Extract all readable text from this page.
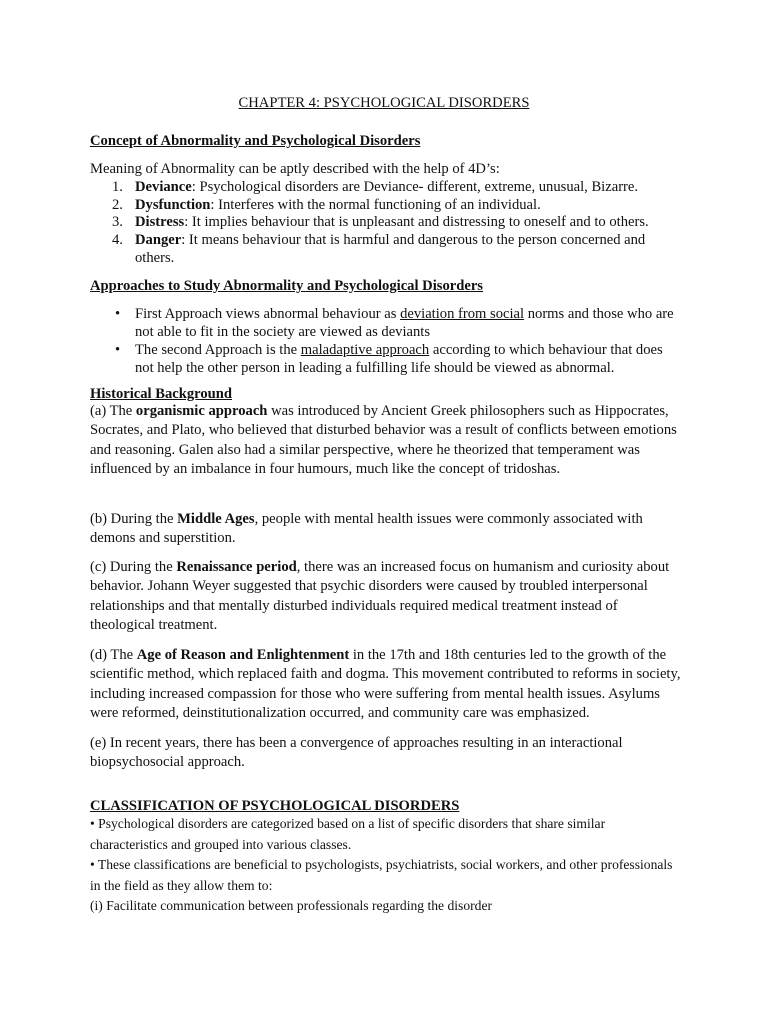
CHAPTER 4: PSYCHOLOGICAL DISORDERS
Concept of Abnormality and Psychological Disorders
Meaning of Abnormality can be aptly described with the help of 4D’s:
1. Deviance: Psychological disorders are Deviance- different, extreme, unusual, Bizarre.
2. Dysfunction: Interferes with the normal functioning of an individual.
3. Distress: It implies behaviour that is unpleasant and distressing to oneself and to others.
4. Danger: It means behaviour that is harmful and dangerous to the person concerned and others.
Approaches to Study Abnormality and Psychological Disorders
• First Approach views abnormal behaviour as deviation from social norms and those who are not able to fit in the society are viewed as deviants
• The second Approach is the maladaptive approach according to which behaviour that does not help the other person in leading a fulfilling life should be viewed as abnormal.
Historical Background

(a) The organismic approach was introduced by Ancient Greek philosophers such as Hippocrates, Socrates, and Plato, who believed that disturbed behavior was a result of conflicts between emotions and reasoning. Galen also had a similar perspective, where he theorized that temperament was influenced by an imbalance in four humours, much like the concept of tridoshas.

(b) During the Middle Ages, people with mental health issues were commonly associated with demons and superstition.

(c) During the Renaissance period, there was an increased focus on humanism and curiosity about behavior. Johann Weyer suggested that psychic disorders were caused by troubled interpersonal relationships and that mentally disturbed individuals required medical treatment instead of theological treatment.

(d) The Age of Reason and Enlightenment in the 17th and 18th centuries led to the growth of the scientific method, which replaced faith and dogma. This movement contributed to reforms in society, including increased compassion for those who were suffering from mental health issues. Asylums were reformed, deinstitutionalization occurred, and community care was emphasized.

(e) In recent years, there has been a convergence of approaches resulting in an interactional biopsychosocial approach.

CLASSIFICATION OF PSYCHOLOGICAL DISORDERS

• Psychological disorders are categorized based on a list of specific disorders that share similar characteristics and grouped into various classes.

• These classifications are beneficial to psychologists, psychiatrists, social workers, and other professionals in the field as they allow them to:

(i) Facilitate communication between professionals regarding the disorder
